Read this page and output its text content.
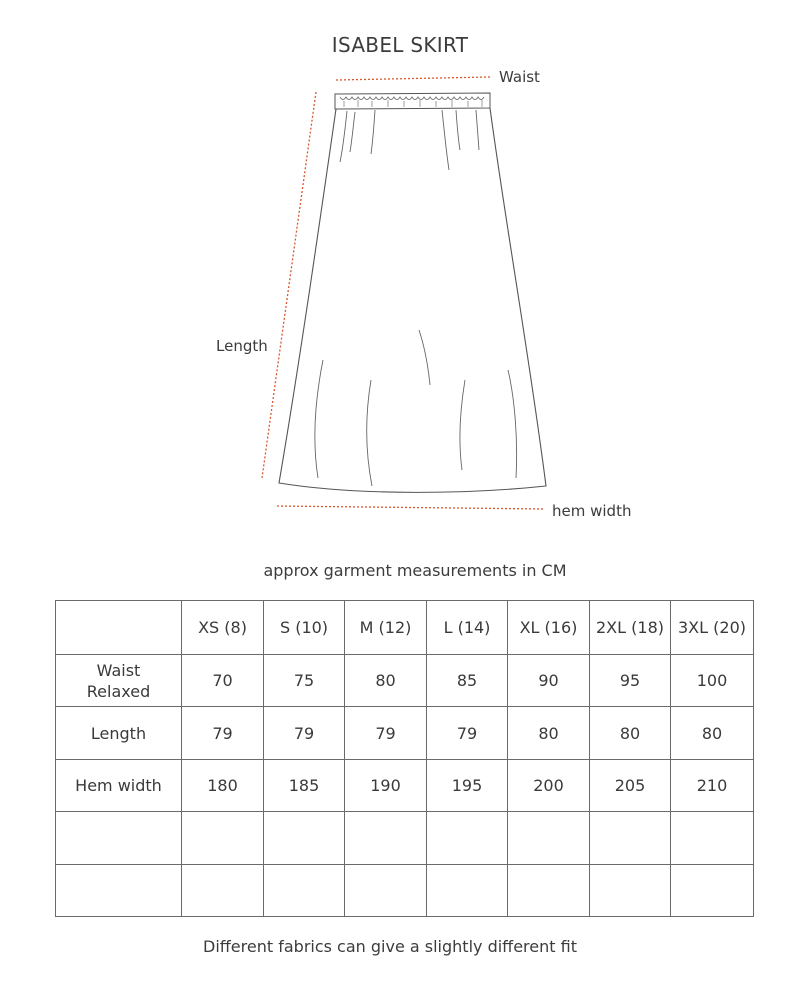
ISABEL SKIRT
Waist
Length
hem width
approx garment measurements in CM
	XS (8)	S (10)	M (12)	L (14)	XL (16)	2XL (18)	3XL (20)

Waist
Relaxed	70	75	80	85	90	95	100
Length	79	79	79	79	80	80	80
Hem width	180	185	190	195	200	205	210

Different fabrics can give a slightly different fit
